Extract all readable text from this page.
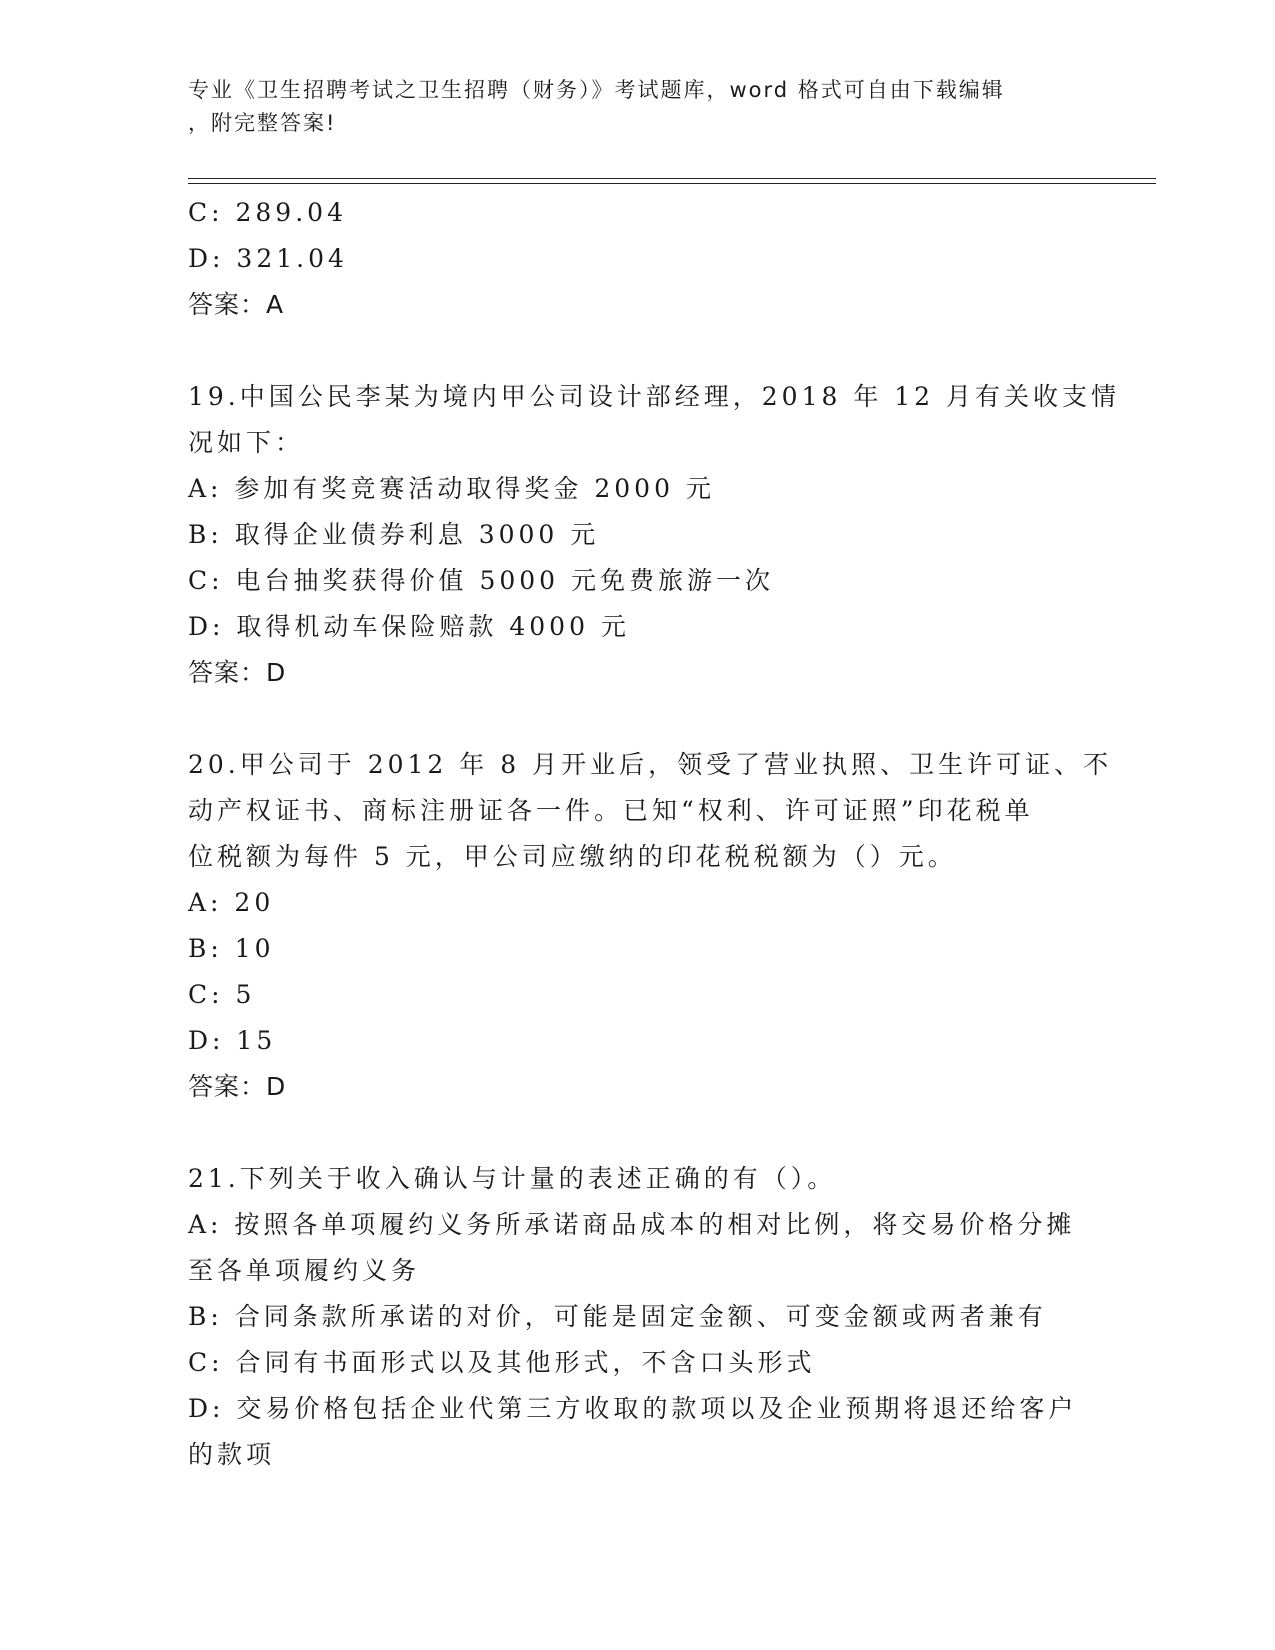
专业《卫生招聘考试之卫生招聘（财务）》考试题库，word 格式可自由下载编辑
，附完整答案!
C: 289.04
D: 321.04
答案：A
19.中国公民李某为境内甲公司设计部经理，2018 年 12 月有关收支情
况如下：
A: 参加有奖竞赛活动取得奖金 2000 元
B: 取得企业债券利息 3000 元
C: 电台抽奖获得价值 5000 元免费旅游一次
D: 取得机动车保险赔款 4000 元
答案：D
20.甲公司于 2012 年 8 月开业后，领受了营业执照、卫生许可证、不
动产权证书、商标注册证各一件。已知“权利、许可证照”印花税单
位税额为每件 5 元，甲公司应缴纳的印花税税额为（）元。
A: 20
B: 10
C: 5
D: 15
答案：D
21.下列关于收入确认与计量的表述正确的有（）。
A: 按照各单项履约义务所承诺商品成本的相对比例，将交易价格分摊
至各单项履约义务
B: 合同条款所承诺的对价，可能是固定金额、可变金额或两者兼有
C: 合同有书面形式以及其他形式，不含口头形式
D: 交易价格包括企业代第三方收取的款项以及企业预期将退还给客户
的款项
